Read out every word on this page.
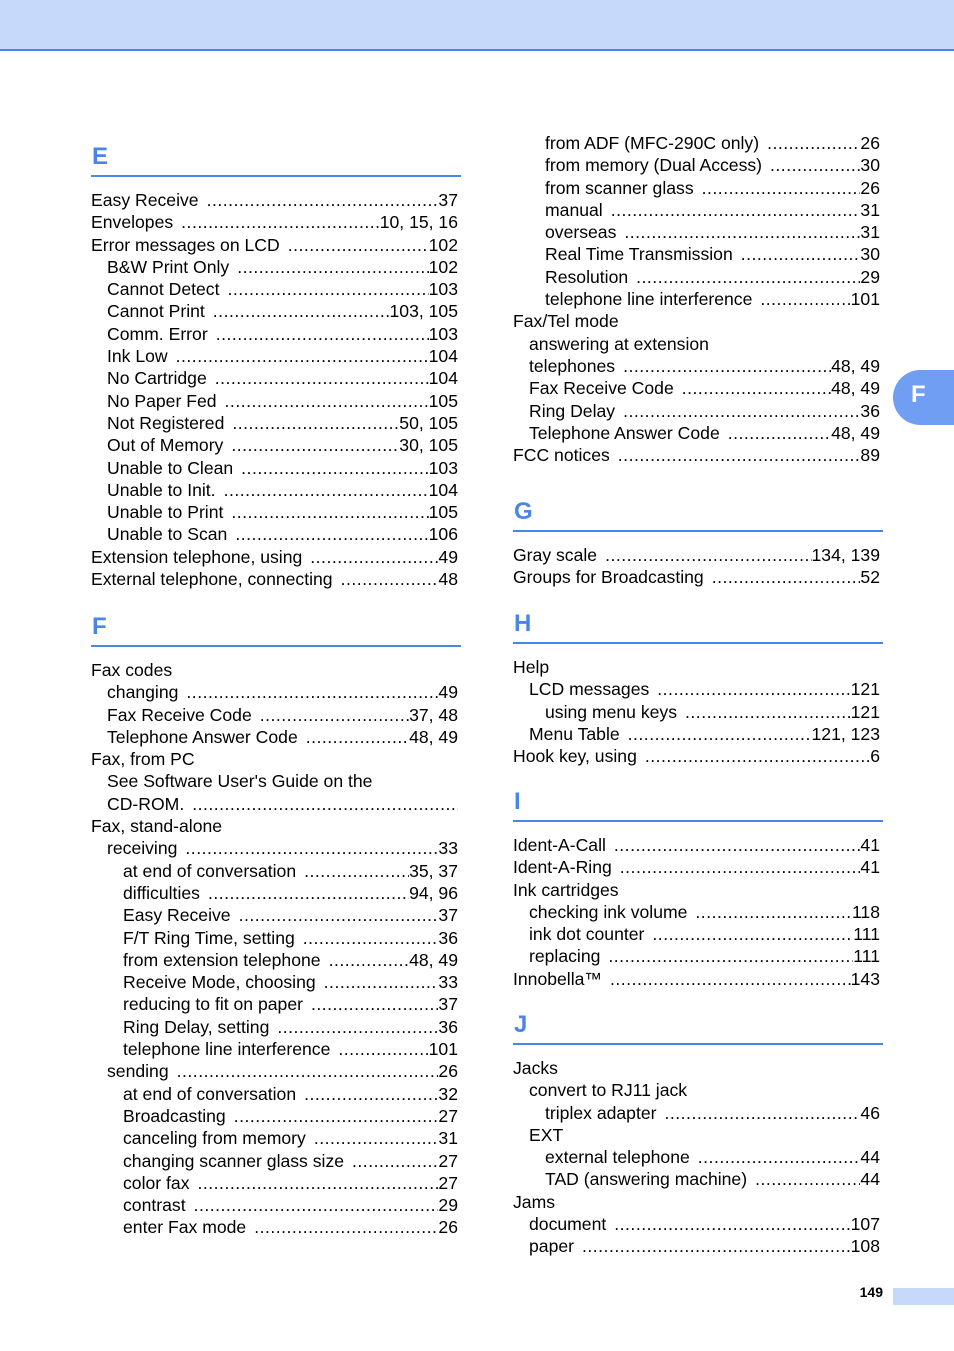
F
E
Easy Receive .....	37
Envelopes .....	10, 15, 16
Error messages on LCD .....	102
B&W Print Only .....	102
Cannot Detect .....	103
Cannot Print .....	103, 105
Comm. Error .....	103
Ink Low .....	104
No Cartridge .....	104
No Paper Fed .....	105
Not Registered .....	50, 105
Out of Memory .....	30, 105
Unable to Clean .....	103
Unable to Init. .....	104
Unable to Print .....	105
Unable to Scan .....	106
Extension telephone, using .....	49
External telephone, connecting .....	48
F
Fax codes
changing .....	49
Fax Receive Code .....	37, 48
Telephone Answer Code .....	48, 49
Fax, from PC
See Software User's Guide on the
CD-ROM.
.....
Fax, stand-alone
receiving .....	33
at end of conversation .....	35, 37
difficulties .....	94, 96
Easy Receive .....	37
F/T Ring Time, setting .....	36
from extension telephone .....	48, 49
Receive Mode, choosing .....	33
reducing to fit on paper .....	37
Ring Delay, setting .....	36
telephone line interference .....	101
sending .....	26
at end of conversation .....	32
Broadcasting .....	27
canceling from memory .....	31
changing scanner glass size .....	27
color fax .....	27
contrast .....	29
enter Fax mode .....	26
from ADF (MFC-290C only) .....	26
from memory (Dual Access) .....	30
from scanner glass .....	26
manual .....	31
overseas .....	31
Real Time Transmission .....	30
Resolution .....	29
telephone line interference .....	101
Fax/Tel mode
answering at extension
telephones .....	48, 49
Fax Receive Code .....	48, 49
Ring Delay .....	36
Telephone Answer Code .....	48, 49
FCC notices .....	89
G
Gray scale .....	134, 139
Groups for Broadcasting .....	52
H
Help
LCD messages .....	121
using menu keys .....	121
Menu Table .....	121, 123
Hook key, using .....	6
I
Ident-A-Call .....	41
Ident-A-Ring .....	41
Ink cartridges
checking ink volume .....	118
ink dot counter .....	111
replacing .....	111
Innobella™ .....	143
J
Jacks
convert to RJ11 jack
triplex adapter .....	46
EXT
external telephone .....	44
TAD (answering machine) .....	44
Jams
document .....	107
paper .....	108
149
